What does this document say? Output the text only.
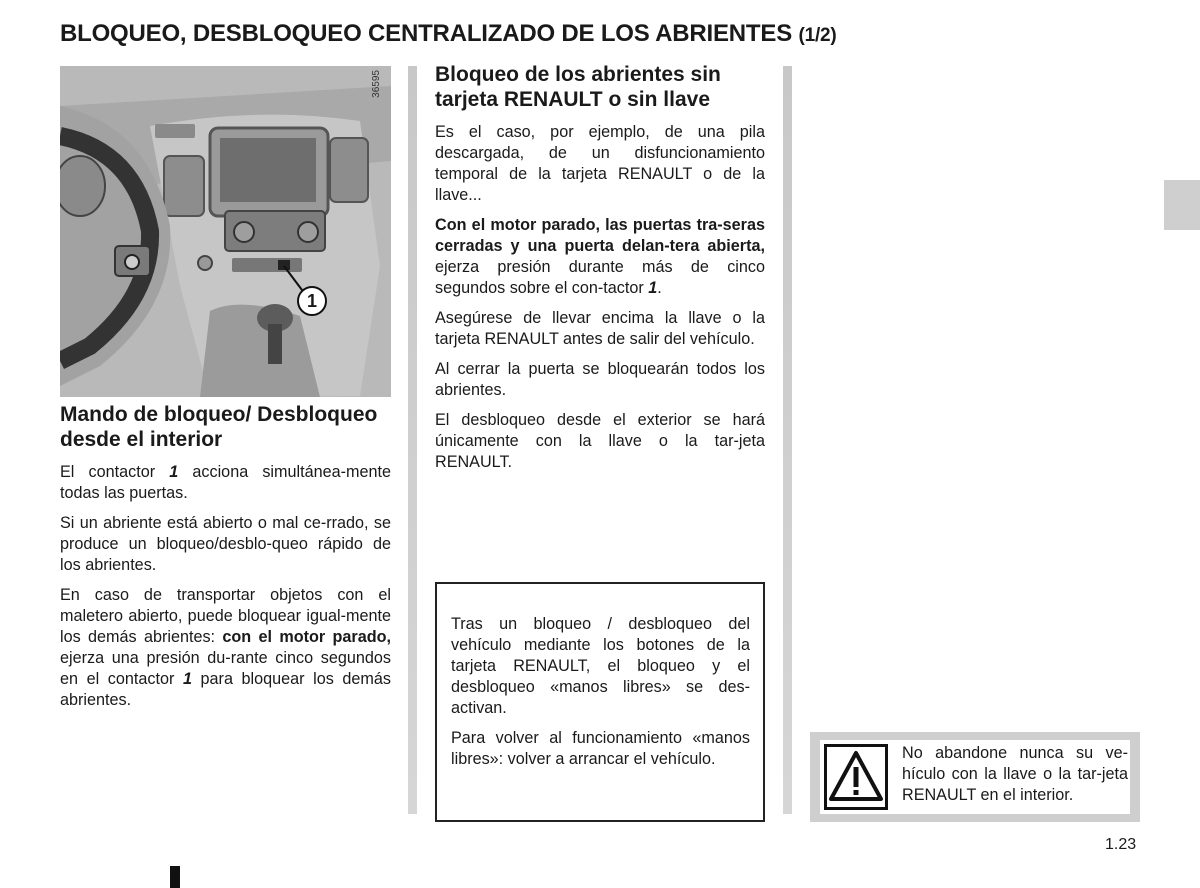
BLOQUEO, DESBLOQUEO CENTRALIZADO DE LOS ABRIENTES (1/2)
36595
1
Mando de bloqueo/ Desbloqueo desde el interior

El contactor 1 acciona simultánea-mente todas las puertas.

Si un abriente está abierto o mal ce-rrado, se produce un bloqueo/desblo-queo rápido de los abrientes.

En caso de transportar objetos con el maletero abierto, puede bloquear igual-mente los demás abrientes: con el motor parado, ejerza una presión du-rante cinco segundos en el contactor 1 para bloquear los demás abrientes.

Bloqueo de los abrientes sin tarjeta RENAULT o sin llave

Es el caso, por ejemplo, de una pila descargada, de un disfuncionamiento temporal de la tarjeta RENAULT o de la llave...

Con el motor parado, las puertas tra-seras cerradas y una puerta delan-tera abierta, ejerza presión durante más de cinco segundos sobre el con-tactor 1.

Asegúrese de llevar encima la llave o la tarjeta RENAULT antes de salir del vehículo.

Al cerrar la puerta se bloquearán todos los abrientes.

El desbloqueo desde el exterior se hará únicamente con la llave o la tar-jeta RENAULT.

Tras un bloqueo / desbloqueo del vehículo mediante los botones de la tarjeta RENAULT, el bloqueo y el desbloqueo «manos libres» se des-activan.

Para volver al funcionamiento «manos libres»: volver a arrancar el vehículo.	No abandone nunca su ve-hículo con la llave o la tar-jeta RENAULT en el interior.
1.23
